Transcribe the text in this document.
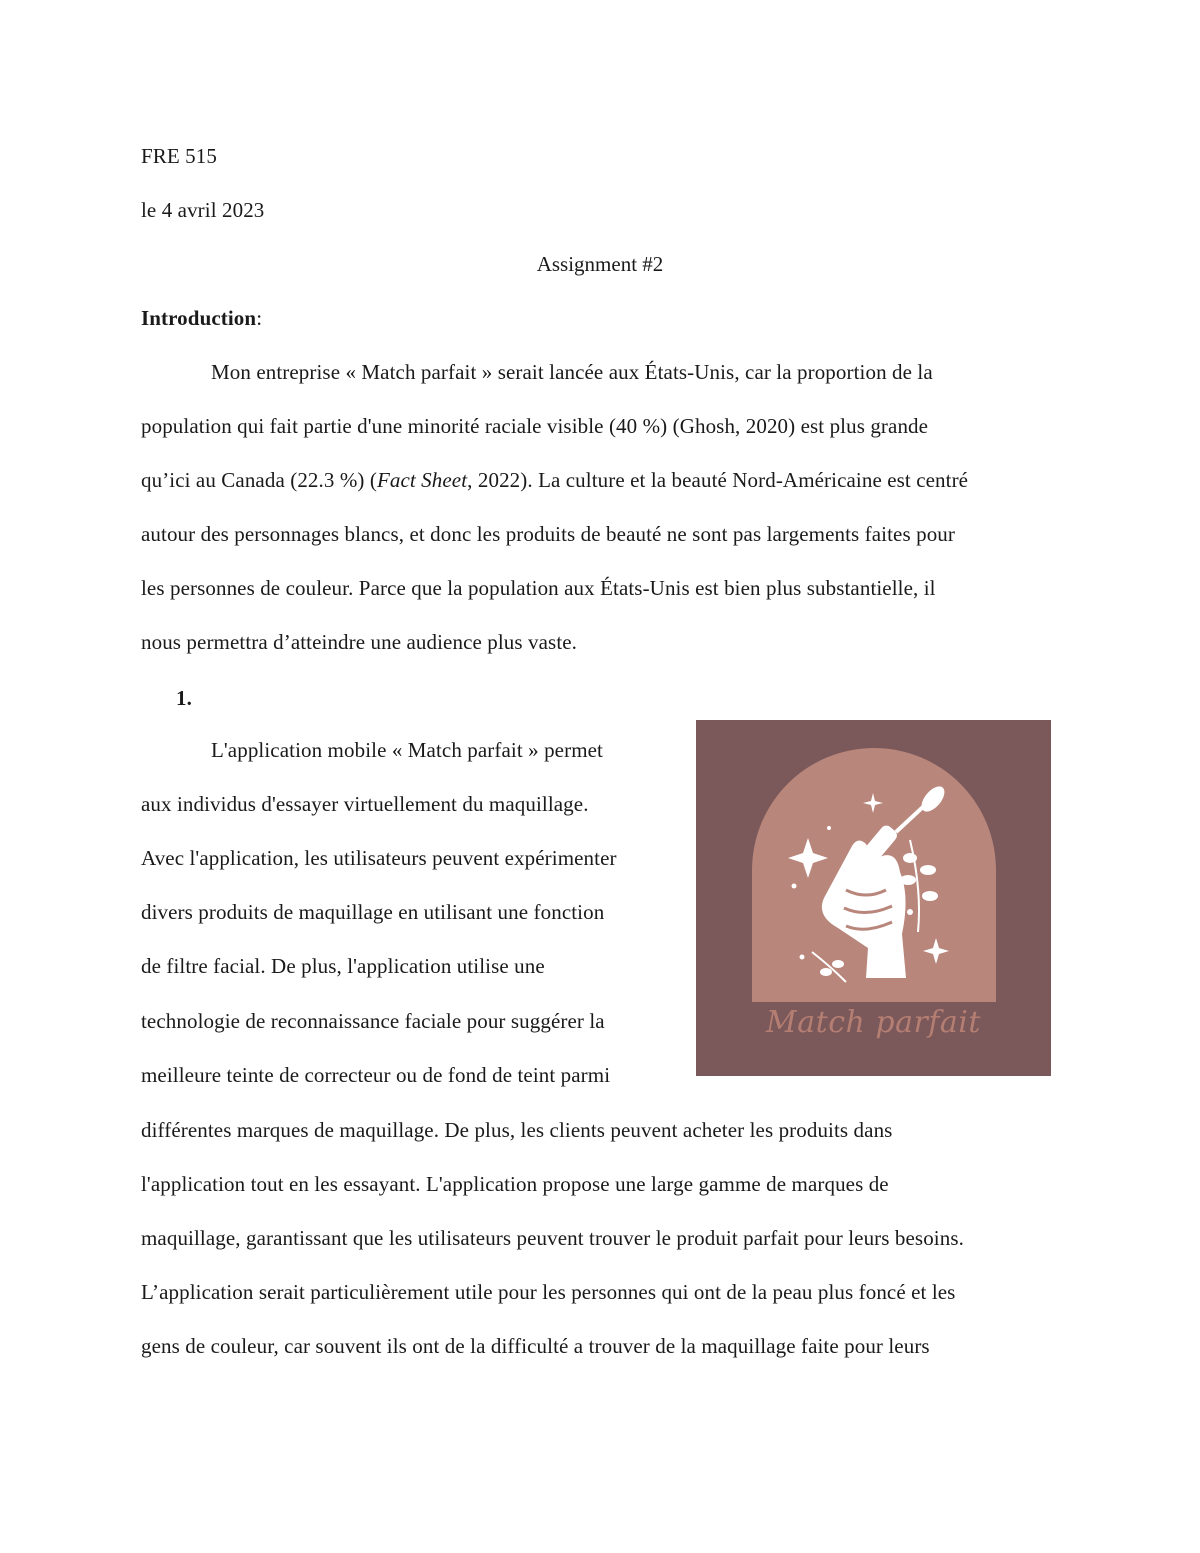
FRE 515
le 4 avril 2023
Assignment #2
Introduction:
Mon entreprise « Match parfait » serait lancée aux États-Unis, car la proportion de la
population qui fait partie d'une minorité raciale visible (40 %) (Ghosh, 2020) est plus grande
qu’ici au Canada (22.3 %) (Fact Sheet, 2022). La culture et la beauté Nord-Américaine est centré
autour des personnages blancs, et donc les produits de beauté ne sont pas largements faites pour
les personnes de couleur. Parce que la population aux États-Unis est bien plus substantielle, il
nous permettra d’atteindre une audience plus vaste.
1.
L'application mobile « Match parfait » permet
aux individus d'essayer virtuellement du maquillage.
Avec l'application, les utilisateurs peuvent expérimenter
divers produits de maquillage en utilisant une fonction
de filtre facial. De plus, l'application utilise une
technologie de reconnaissance faciale pour suggérer la
meilleure teinte de correcteur ou de fond de teint parmi
différentes marques de maquillage. De plus, les clients peuvent acheter les produits dans
l'application tout en les essayant. L'application propose une large gamme de marques de
maquillage, garantissant que les utilisateurs peuvent trouver le produit parfait pour leurs besoins.
L’application serait particulièrement utile pour les personnes qui ont de la peau plus foncé et les
gens de couleur, car souvent ils ont de la difficulté a trouver de la maquillage faite pour leurs
Match parfait
